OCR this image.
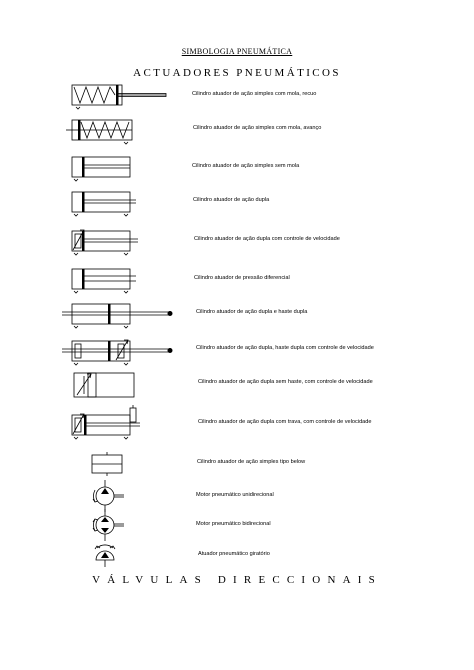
SIMBOLOGIA PNEUMÁTICA
ACTUADORES PNEUMÁTICOS
Cilindro atuador de ação simples com mola, recuo
Cilindro atuador de ação simples com mola, avanço
Cilindro atuador de ação simples sem mola
Cilindro atuador de ação dupla
Cilindro atuador de ação dupla com controle de velocidade
Cilindro atuador de pressão diferencial
Cilindro atuador de ação dupla e haste dupla
Cilindro atuador de ação dupla, haste dupla com controle de velocidade
Cilindro atuador de ação dupla sem haste, com controle de velocidade
Cilindro atuador de ação dupla com trava, com controle de velocidade
Cilindro atuador de ação simples tipo below
Motor pneumático unidirecional
Motor pneumático bidirecional
Atuador pneumático giratório
VÁLVULAS DIRECCIONAIS
